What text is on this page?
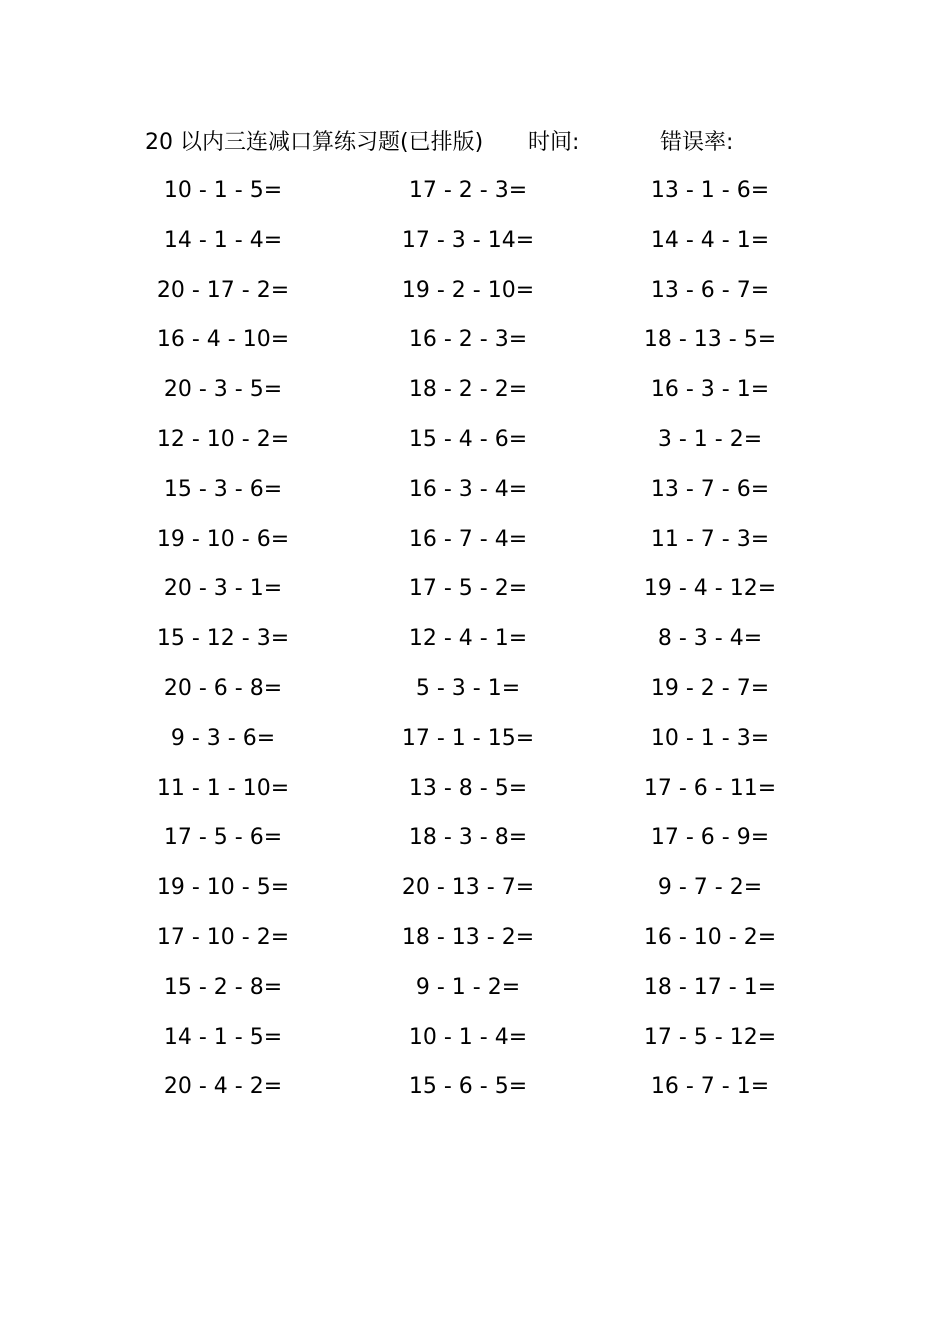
20 以内三连减口算练习题(已排版) 时间:	错误率:
10 - 1 - 5=	17 - 2 - 3=	13 - 1 - 6=
14 - 1 - 4=	17 - 3 - 14=	14 - 4 - 1=
20 - 17 - 2=	19 - 2 - 10=	13 - 6 - 7=
16 - 4 - 10=	16 - 2 - 3=	18 - 13 - 5=
20 - 3 - 5=	18 - 2 - 2=	16 - 3 - 1=
12 - 10 - 2=	15 - 4 - 6=	3 - 1 - 2=
15 - 3 - 6=	16 - 3 - 4=	13 - 7 - 6=
19 - 10 - 6=	16 - 7 - 4=	11 - 7 - 3=
20 - 3 - 1=	17 - 5 - 2=	19 - 4 - 12=
15 - 12 - 3=	12 - 4 - 1=	8 - 3 - 4=
20 - 6 - 8=	5 - 3 - 1=	19 - 2 - 7=
9 - 3 - 6=	17 - 1 - 15=	10 - 1 - 3=
11 - 1 - 10=	13 - 8 - 5=	17 - 6 - 11=
17 - 5 - 6=	18 - 3 - 8=	17 - 6 - 9=
19 - 10 - 5=	20 - 13 - 7=	9 - 7 - 2=
17 - 10 - 2=	18 - 13 - 2=	16 - 10 - 2=
15 - 2 - 8=	9 - 1 - 2=	18 - 17 - 1=
14 - 1 - 5=	10 - 1 - 4=	17 - 5 - 12=
20 - 4 - 2=	15 - 6 - 5=	16 - 7 - 1=
